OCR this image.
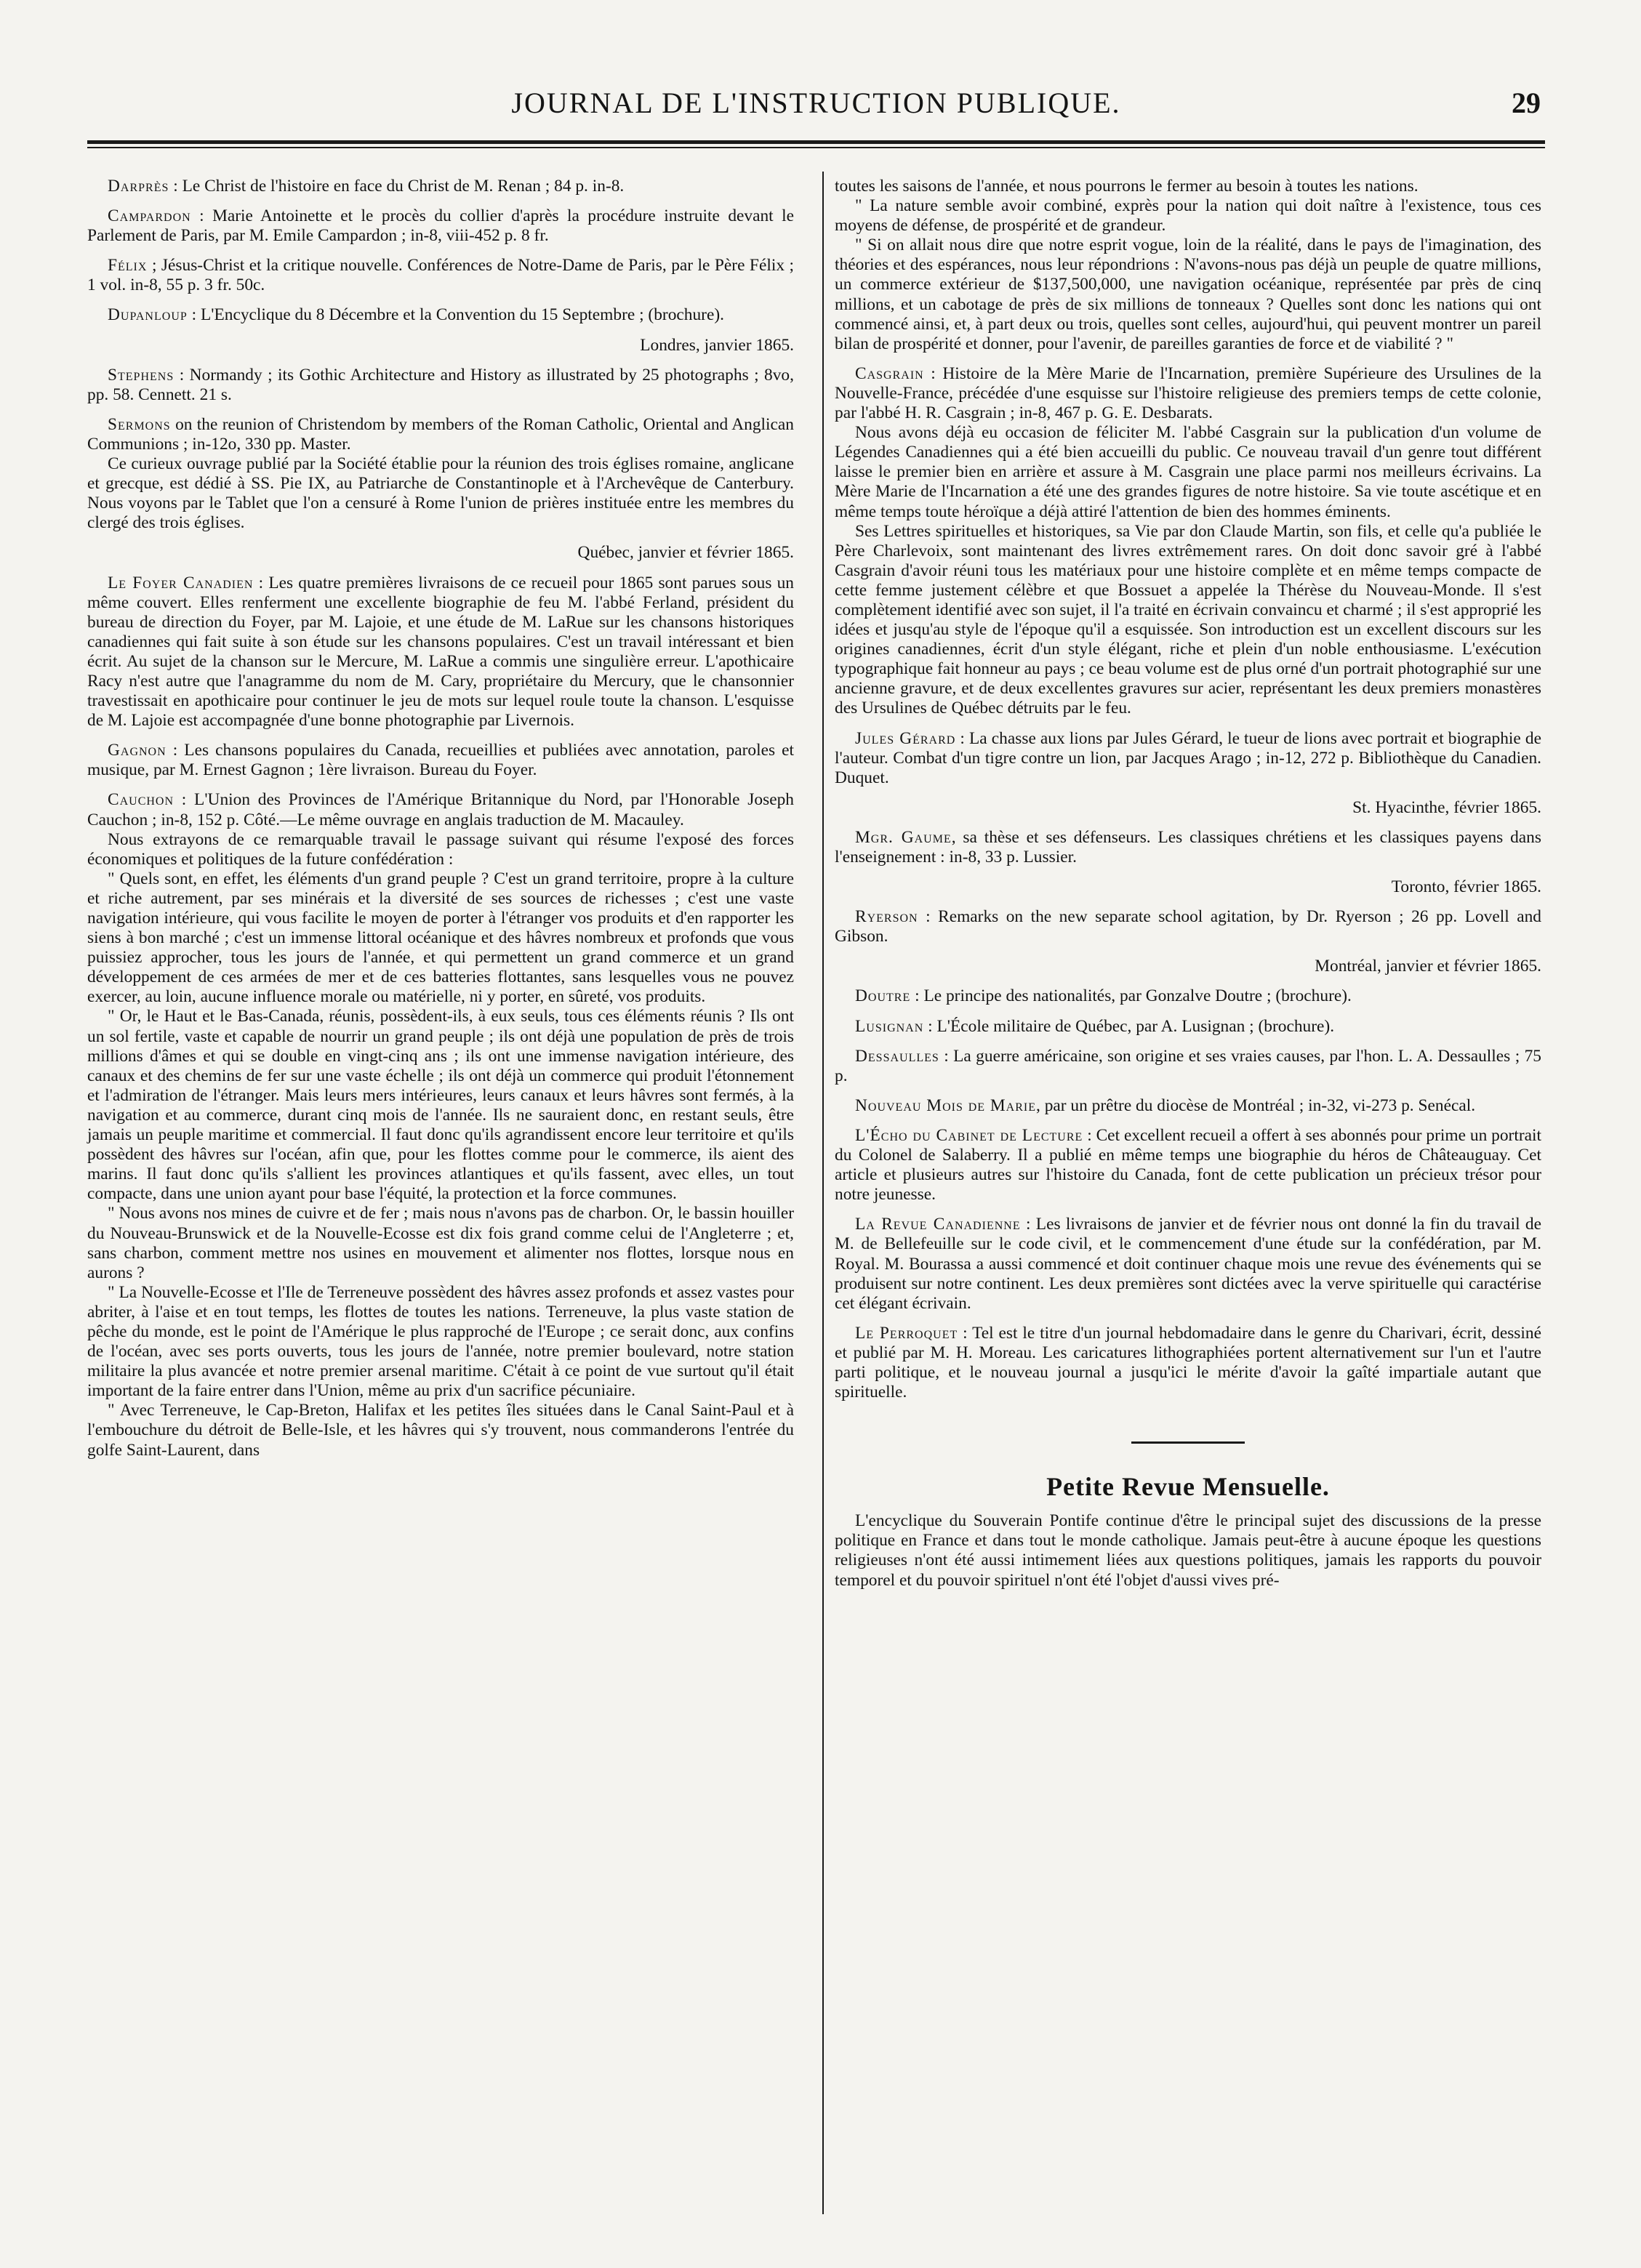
JOURNAL DE L'INSTRUCTION PUBLIQUE.	29

Darprès : Le Christ de l'histoire en face du Christ de M. Renan ; 84 p. in-8.

Campardon : Marie Antoinette et le procès du collier d'après la procédure instruite devant le Parlement de Paris, par M. Emile Campardon ; in-8, viii-452 p. 8 fr.

Félix ; Jésus-Christ et la critique nouvelle. Conférences de Notre-Dame de Paris, par le Père Félix ; 1 vol. in-8, 55 p. 3 fr. 50c.

Dupanloup : L'Encyclique du 8 Décembre et la Convention du 15 Septembre ; (brochure).

Londres, janvier 1865.

Stephens : Normandy ; its Gothic Architecture and History as illustrated by 25 photographs ; 8vo, pp. 58. Cennett. 21 s.

Sermons on the reunion of Christendom by members of the Roman Catholic, Oriental and Anglican Communions ; in-12o, 330 pp. Master.

Ce curieux ouvrage publié par la Société établie pour la réunion des trois églises romaine, anglicane et grecque, est dédié à SS. Pie IX, au Patriarche de Constantinople et à l'Archevêque de Canterbury. Nous voyons par le Tablet que l'on a censuré à Rome l'union de prières instituée entre les membres du clergé des trois églises.

Québec, janvier et février 1865.

Le Foyer Canadien : Les quatre premières livraisons de ce recueil pour 1865 sont parues sous un même couvert. Elles renferment une excellente biographie de feu M. l'abbé Ferland, président du bureau de direction du Foyer, par M. Lajoie, et une étude de M. LaRue sur les chansons historiques canadiennes qui fait suite à son étude sur les chansons populaires. C'est un travail intéressant et bien écrit. Au sujet de la chanson sur le Mercure, M. LaRue a commis une singulière erreur. L'apothicaire Racy n'est autre que l'anagramme du nom de M. Cary, propriétaire du Mercury, que le chansonnier travestissait en apothicaire pour continuer le jeu de mots sur lequel roule toute la chanson. L'esquisse de M. Lajoie est accompagnée d'une bonne photographie par Livernois.

Gagnon : Les chansons populaires du Canada, recueillies et publiées avec annotation, paroles et musique, par M. Ernest Gagnon ; 1ère livraison. Bureau du Foyer.

Cauchon : L'Union des Provinces de l'Amérique Britannique du Nord, par l'Honorable Joseph Cauchon ; in-8, 152 p. Côté.—Le même ouvrage en anglais traduction de M. Macauley.

Nous extrayons de ce remarquable travail le passage suivant qui résume l'exposé des forces économiques et politiques de la future confédération :

" Quels sont, en effet, les éléments d'un grand peuple ? C'est un grand territoire, propre à la culture et riche autrement, par ses minérais et la diversité de ses sources de richesses ; c'est une vaste navigation intérieure, qui vous facilite le moyen de porter à l'étranger vos produits et d'en rapporter les siens à bon marché ; c'est un immense littoral océanique et des hâvres nombreux et profonds que vous puissiez approcher, tous les jours de l'année, et qui permettent un grand commerce et un grand développement de ces armées de mer et de ces batteries flottantes, sans lesquelles vous ne pouvez exercer, au loin, aucune influence morale ou matérielle, ni y porter, en sûreté, vos produits.

" Or, le Haut et le Bas-Canada, réunis, possèdent-ils, à eux seuls, tous ces éléments réunis ? Ils ont un sol fertile, vaste et capable de nourrir un grand peuple ; ils ont déjà une population de près de trois millions d'âmes et qui se double en vingt-cinq ans ; ils ont une immense navigation intérieure, des canaux et des chemins de fer sur une vaste échelle ; ils ont déjà un commerce qui produit l'étonnement et l'admiration de l'étranger. Mais leurs mers intérieures, leurs canaux et leurs hâvres sont fermés, à la navigation et au commerce, durant cinq mois de l'année. Ils ne sauraient donc, en restant seuls, être jamais un peuple maritime et commercial. Il faut donc qu'ils agrandissent encore leur territoire et qu'ils possèdent des hâvres sur l'océan, afin que, pour les flottes comme pour le commerce, ils aient des marins. Il faut donc qu'ils s'allient les provinces atlantiques et qu'ils fassent, avec elles, un tout compacte, dans une union ayant pour base l'équité, la protection et la force communes.

" Nous avons nos mines de cuivre et de fer ; mais nous n'avons pas de charbon. Or, le bassin houiller du Nouveau-Brunswick et de la Nouvelle-Ecosse est dix fois grand comme celui de l'Angleterre ; et, sans charbon, comment mettre nos usines en mouvement et alimenter nos flottes, lorsque nous en aurons ?

" La Nouvelle-Ecosse et l'Ile de Terreneuve possèdent des hâvres assez profonds et assez vastes pour abriter, à l'aise et en tout temps, les flottes de toutes les nations. Terreneuve, la plus vaste station de pêche du monde, est le point de l'Amérique le plus rapproché de l'Europe ; ce serait donc, aux confins de l'océan, avec ses ports ouverts, tous les jours de l'année, notre premier boulevard, notre station militaire la plus avancée et notre premier arsenal maritime. C'était à ce point de vue surtout qu'il était important de la faire entrer dans l'Union, même au prix d'un sacrifice pécuniaire.

" Avec Terreneuve, le Cap-Breton, Halifax et les petites îles situées dans le Canal Saint-Paul et à l'embouchure du détroit de Belle-Isle, et les hâvres qui s'y trouvent, nous commanderons l'entrée du golfe Saint-Laurent, dans

toutes les saisons de l'année, et nous pourrons le fermer au besoin à toutes les nations.

" La nature semble avoir combiné, exprès pour la nation qui doit naître à l'existence, tous ces moyens de défense, de prospérité et de grandeur.

" Si on allait nous dire que notre esprit vogue, loin de la réalité, dans le pays de l'imagination, des théories et des espérances, nous leur répondrions : N'avons-nous pas déjà un peuple de quatre millions, un commerce extérieur de $137,500,000, une navigation océanique, représentée par près de cinq millions, et un cabotage de près de six millions de tonneaux ? Quelles sont donc les nations qui ont commencé ainsi, et, à part deux ou trois, quelles sont celles, aujourd'hui, qui peuvent montrer un pareil bilan de prospérité et donner, pour l'avenir, de pareilles garanties de force et de viabilité ? "

Casgrain : Histoire de la Mère Marie de l'Incarnation, première Supérieure des Ursulines de la Nouvelle-France, précédée d'une esquisse sur l'histoire religieuse des premiers temps de cette colonie, par l'abbé H. R. Casgrain ; in-8, 467 p. G. E. Desbarats.

Nous avons déjà eu occasion de féliciter M. l'abbé Casgrain sur la publication d'un volume de Légendes Canadiennes qui a été bien accueilli du public. Ce nouveau travail d'un genre tout différent laisse le premier bien en arrière et assure à M. Casgrain une place parmi nos meilleurs écrivains. La Mère Marie de l'Incarnation a été une des grandes figures de notre histoire. Sa vie toute ascétique et en même temps toute héroïque a déjà attiré l'attention de bien des hommes éminents.

Ses Lettres spirituelles et historiques, sa Vie par don Claude Martin, son fils, et celle qu'a publiée le Père Charlevoix, sont maintenant des livres extrêmement rares. On doit donc savoir gré à l'abbé Casgrain d'avoir réuni tous les matériaux pour une histoire complète et en même temps compacte de cette femme justement célèbre et que Bossuet a appelée la Thérèse du Nouveau-Monde. Il s'est complètement identifié avec son sujet, il l'a traité en écrivain convaincu et charmé ; il s'est approprié les idées et jusqu'au style de l'époque qu'il a esquissée. Son introduction est un excellent discours sur les origines canadiennes, écrit d'un style élégant, riche et plein d'un noble enthousiasme. L'exécution typographique fait honneur au pays ; ce beau volume est de plus orné d'un portrait photographié sur une ancienne gravure, et de deux excellentes gravures sur acier, représentant les deux premiers monastères des Ursulines de Québec détruits par le feu.

Jules Gérard : La chasse aux lions par Jules Gérard, le tueur de lions avec portrait et biographie de l'auteur. Combat d'un tigre contre un lion, par Jacques Arago ; in-12, 272 p. Bibliothèque du Canadien. Duquet.

St. Hyacinthe, février 1865.

Mgr. Gaume, sa thèse et ses défenseurs. Les classiques chrétiens et les classiques payens dans l'enseignement : in-8, 33 p. Lussier.

Toronto, février 1865.

Ryerson : Remarks on the new separate school agitation, by Dr. Ryerson ; 26 pp. Lovell and Gibson.

Montréal, janvier et février 1865.

Doutre : Le principe des nationalités, par Gonzalve Doutre ; (brochure).

Lusignan : L'École militaire de Québec, par A. Lusignan ; (brochure).

Dessaulles : La guerre américaine, son origine et ses vraies causes, par l'hon. L. A. Dessaulles ; 75 p.

Nouveau Mois de Marie, par un prêtre du diocèse de Montréal ; in-32, vi-273 p. Senécal.

L'Écho du Cabinet de Lecture : Cet excellent recueil a offert à ses abonnés pour prime un portrait du Colonel de Salaberry. Il a publié en même temps une biographie du héros de Châteauguay. Cet article et plusieurs autres sur l'histoire du Canada, font de cette publication un précieux trésor pour notre jeunesse.

La Revue Canadienne : Les livraisons de janvier et de février nous ont donné la fin du travail de M. de Bellefeuille sur le code civil, et le commencement d'une étude sur la confédération, par M. Royal. M. Bourassa a aussi commencé et doit continuer chaque mois une revue des événements qui se produisent sur notre continent. Les deux premières sont dictées avec la verve spirituelle qui caractérise cet élégant écrivain.

Le Perroquet : Tel est le titre d'un journal hebdomadaire dans le genre du Charivari, écrit, dessiné et publié par M. H. Moreau. Les caricatures lithographiées portent alternativement sur l'un et l'autre parti politique, et le nouveau journal a jusqu'ici le mérite d'avoir la gaîté impartiale autant que spirituelle.

Petite Revue Mensuelle.

L'encyclique du Souverain Pontife continue d'être le principal sujet des discussions de la presse politique en France et dans tout le monde catholique. Jamais peut-être à aucune époque les questions religieuses n'ont été aussi intimement liées aux questions politiques, jamais les rapports du pouvoir temporel et du pouvoir spirituel n'ont été l'objet d'aussi vives pré-
